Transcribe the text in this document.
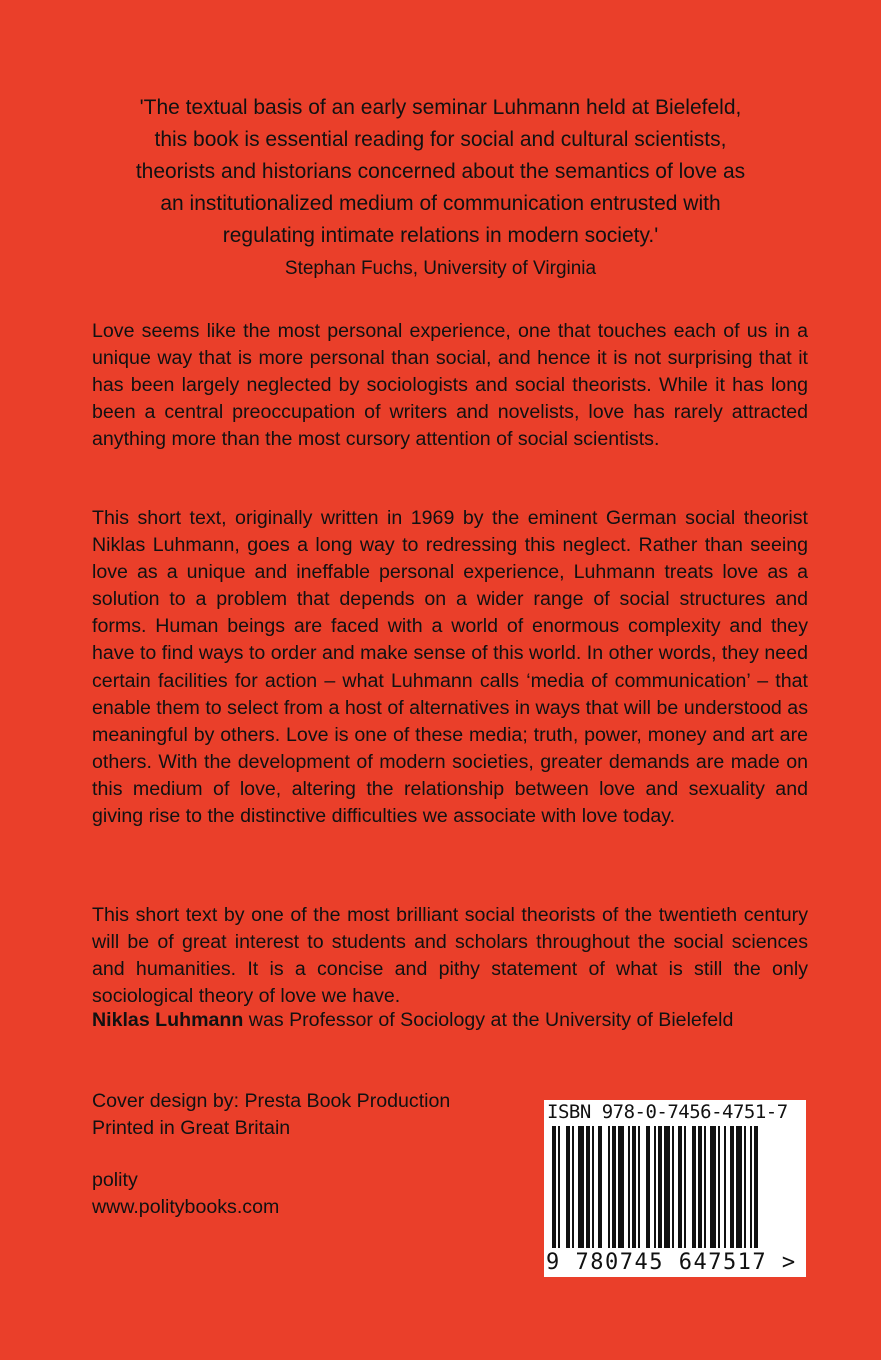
'The textual basis of an early seminar Luhmann held at Bielefeld,
this book is essential reading for social and cultural scientists,
theorists and historians concerned about the semantics of love as
an institutionalized medium of communication entrusted with
regulating intimate relations in modern society.'
Stephan Fuchs, University of Virginia

Love seems like the most personal experience, one that touches each of us in a unique way that is more personal than social, and hence it is not surprising that it has been largely neglected by sociologists and social theorists. While it has long been a central preoccupation of writers and novelists, love has rarely attracted anything more than the most cursory attention of social scientists.

This short text, originally written in 1969 by the eminent German social theorist Niklas Luhmann, goes a long way to redressing this neglect. Rather than seeing love as a unique and ineffable personal experience, Luhmann treats love as a solution to a problem that depends on a wider range of social structures and forms. Human beings are faced with a world of enormous complexity and they have to find ways to order and make sense of this world. In other words, they need certain facilities for action – what Luhmann calls ‘media of communication’ – that enable them to select from a host of alternatives in ways that will be understood as meaningful by others. Love is one of these media; truth, power, money and art are others. With the development of modern societies, greater demands are made on this medium of love, altering the relationship between love and sexuality and giving rise to the distinctive difficulties we associate with love today.

This short text by one of the most brilliant social theorists of the twentieth century will be of great interest to students and scholars throughout the social sciences and humanities. It is a concise and pithy statement of what is still the only sociological theory of love we have.

Niklas Luhmann was Professor of Sociology at the University of Bielefeld
Cover design by: Presta Book Production
Printed in Great Britain
polity
www.politybooks.com
ISBN 978-0-7456-4751-7
9 780745 647517 >
